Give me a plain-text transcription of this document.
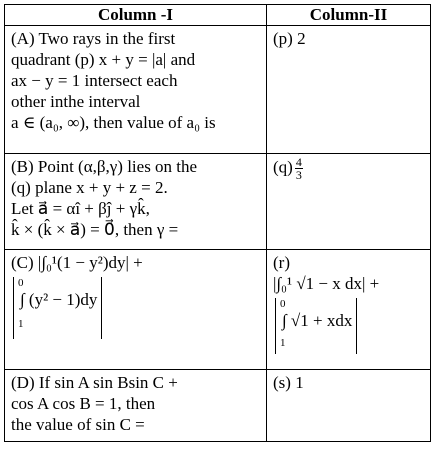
Column -I	Column-II

(A) Two rays in the first
quadrant (p) x + y = |a| and
ax − y = 1 intersect each
other inthe interval
a ∈ (a₀, ∞), then value of a₀ is	(p) 2

(B) Point (α,β,γ) lies on the
(q) plane x + y + z = 2.
Let a⃗ = αî + βĵ + γk̂,
k̂ × (k̂ × a⃗) = 0⃗, then γ =	$(q) \frac{4}{3}$

(C) |∫₀¹(1 − y²)dy| +
0
∫ (y² − 1)dy
1	(r)
|∫₀¹ √1 − x dx| +
0
∫ √1 + xdx
1

(D) If sin A sin Bsin C +
cos A cos B = 1, then
the value of sin C =	(s) 1
